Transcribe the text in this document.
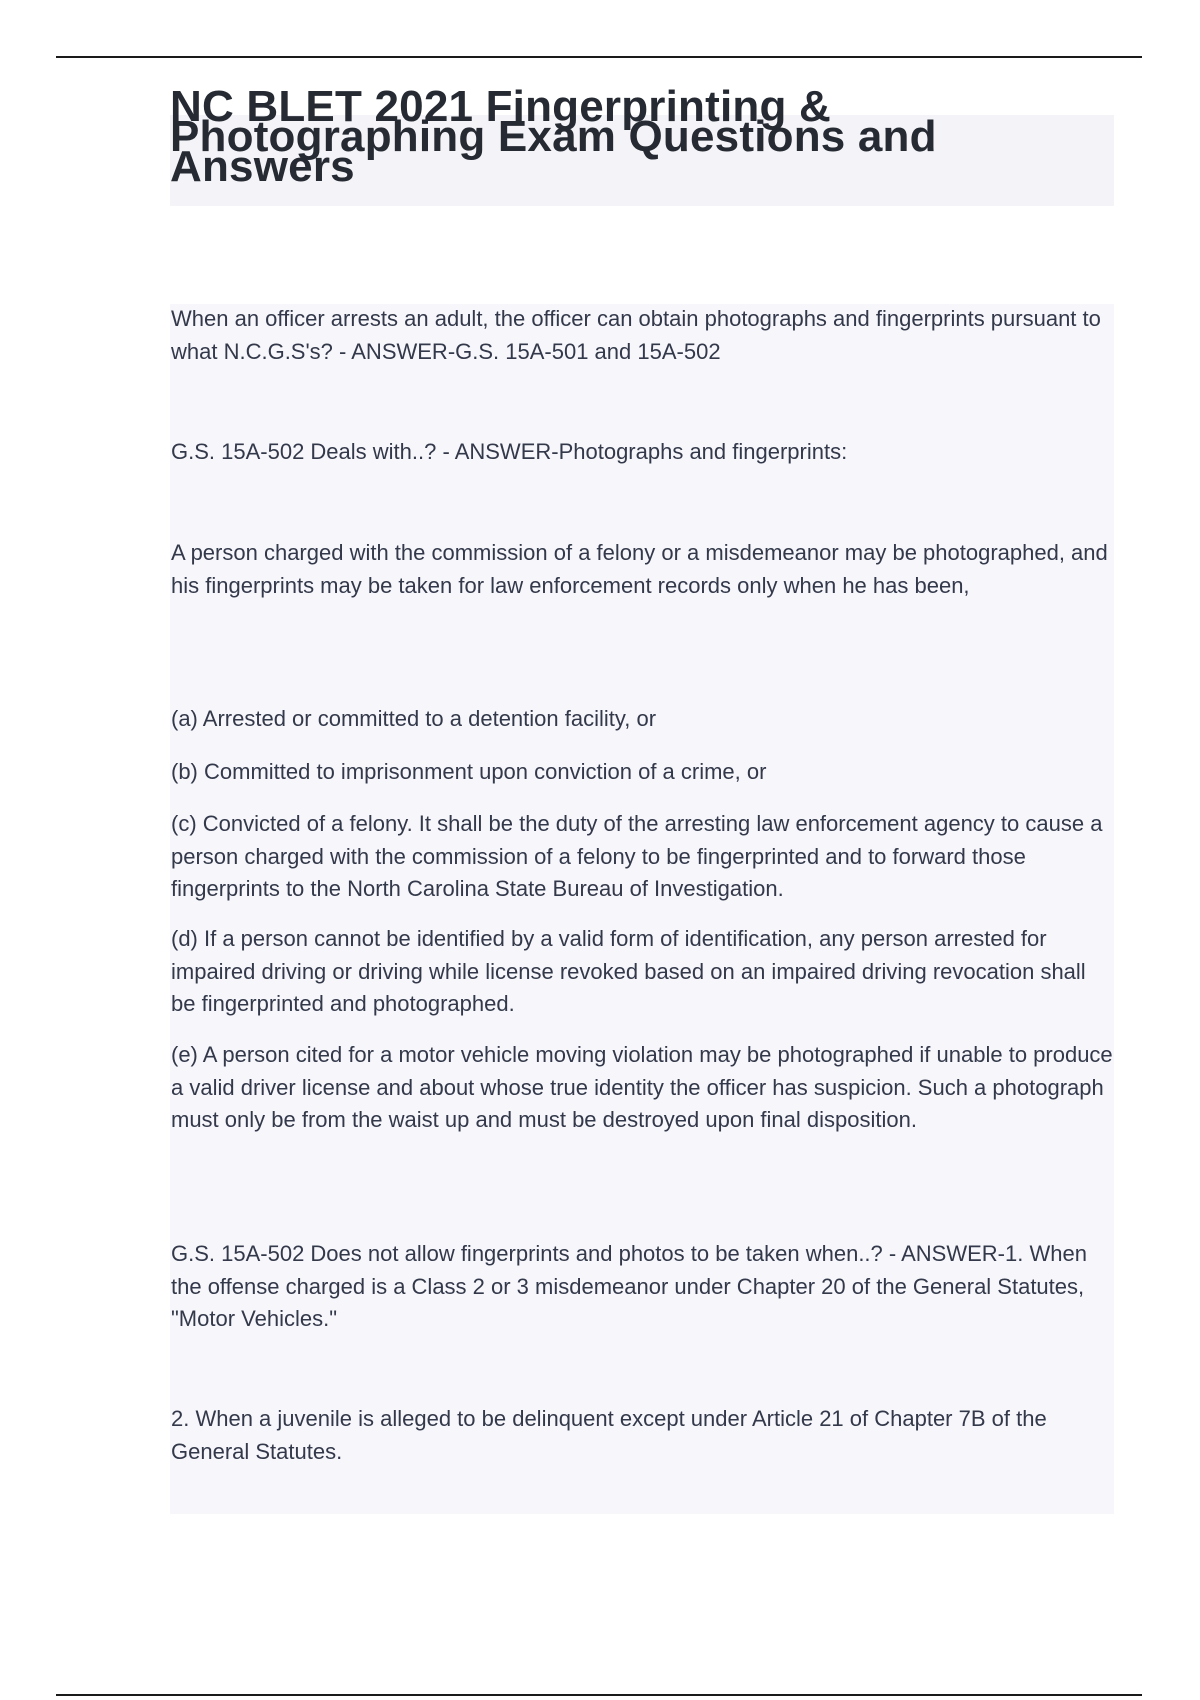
NC BLET 2021 Fingerprinting & Photographing Exam Questions and Answers

When an officer arrests an adult, the officer can obtain photographs and fingerprints pursuant to what N.C.G.S's? - ANSWER-G.S. 15A-501 and 15A-502

G.S. 15A-502 Deals with..? - ANSWER-Photographs and fingerprints:

A person charged with the commission of a felony or a misdemeanor may be photographed, and his fingerprints may be taken for law enforcement records only when he has been,

(a) Arrested or committed to a detention facility, or

(b) Committed to imprisonment upon conviction of a crime, or

(c) Convicted of a felony. It shall be the duty of the arresting law enforcement agency to cause a person charged with the commission of a felony to be fingerprinted and to forward those fingerprints to the North Carolina State Bureau of Investigation.

(d) If a person cannot be identified by a valid form of identification, any person arrested for impaired driving or driving while license revoked based on an impaired driving revocation shall be fingerprinted and photographed.

(e) A person cited for a motor vehicle moving violation may be photographed if unable to produce a valid driver license and about whose true identity the officer has suspicion. Such a photograph must only be from the waist up and must be destroyed upon final disposition.

G.S. 15A-502 Does not allow fingerprints and photos to be taken when..? - ANSWER-1. When the offense charged is a Class 2 or 3 misdemeanor under Chapter 20 of the General Statutes, "Motor Vehicles."

2. When a juvenile is alleged to be delinquent except under Article 21 of Chapter 7B of the General Statutes.
